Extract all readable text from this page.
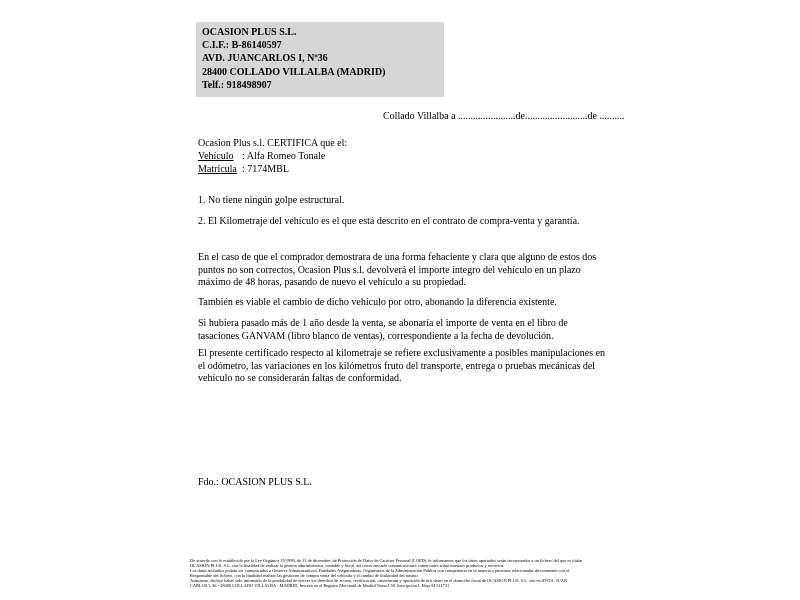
OCASION PLUS S.L.
C.I.F.: B-86140597
AVD. JUANCARLOS I, Nº36
28400 COLLADO VILLALBA (MADRID)
Telf.: 918498907
Collado Villalba a .......................de.........................de ..........
Ocasion Plus s.l. CERTIFICA que el:
Vehículo : Alfa Romeo Tonale
Matrícula : 7174MBL
1. No tiene ningún golpe estructural.
2. El Kilometraje del vehículo es el que está descrito en el contrato de compra-venta y garantía.
En el caso de que el comprador demostrara de una forma fehaciente y clara que alguno de estos dos puntos no son correctos, Ocasion Plus s.l. devolverá el importe íntegro del vehículo en un plazo máximo de 48 horas, pasando de nuevo el vehículo a su propiedad.
También es viable el cambio de dicho vehículo por otro, abonando la diferencia existente.
Si hubiera pasado más de 1 año desde la venta, se abonaría el importe de venta en el libro de tasaciones GANVAM (libro blanco de ventas), correspondiente a la fecha de devolución.
El presente certificado respecto al kilometraje se refiere exclusivamente a posibles manipulaciones en el odómetro, las variaciones en los kilómetros fruto del transporte, entrega o pruebas mecánicas del vehículo no se considerarán faltas de conformidad.
Fdo.: OCASION PLUS S.L.
De acuerdo con lo establecido por la Ley Orgánica 15/1999, de 13 de diciembre, de Protección de Datos de Carácter Personal (LOPD), le informamos que los datos aportados serán incorporados a un fichero del que es titular
OCASIÓN PLUS, S.L. con la finalidad de realizar la gestión administrativa, contable y fiscal, así como enviarle comunicaciones comerciales sobre nuestros productos y servicios.
Los datos incluidos podrán ser comunicados a Gestores Administrativos, Entidades Aseguradoras, Organismos de la Administración Pública con competencia en la materia y personas relacionadas directamente con el
Responsable del fichero, con la finalidad realizar las gestiones de compra venta del vehículo y el cambio de titularidad del mismo.
Asimismo, declaro haber sido informado de la posibilidad de ejercer los derechos de acceso, rectificación, cancelación y oposición de mis datos en el domicilio fiscal de OCASIÓN PLUS, S.L. sito en AVDA. JUAN
CARLOS I, 36 - 28400 COLLADO VILLALBA - MADRID. Inscrita en el Registro Mercantil de Madrid Tomo I.50, Inscripción I, Hoja M 511731
